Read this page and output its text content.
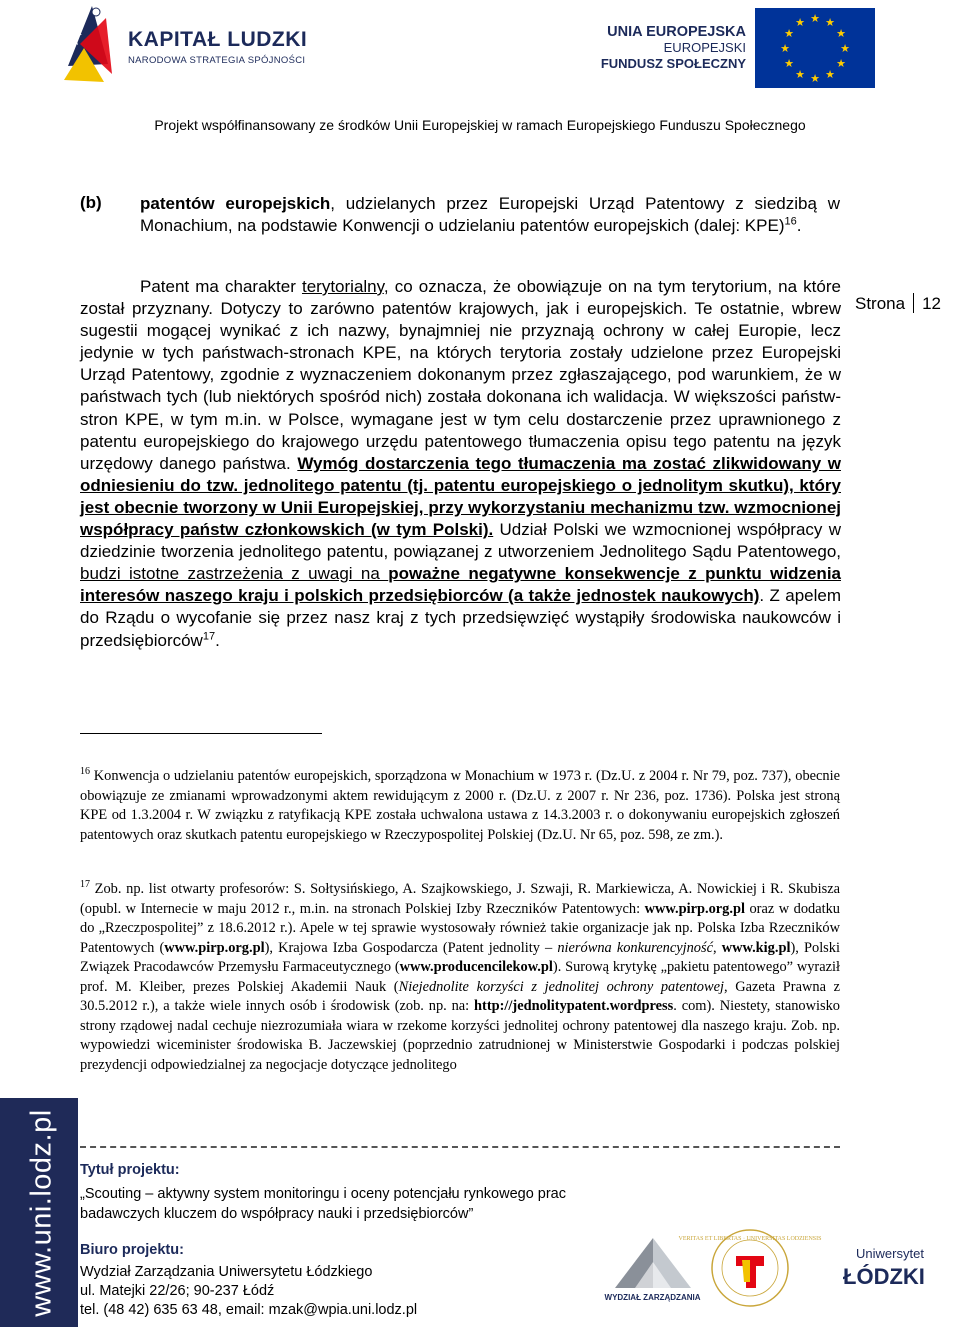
KAPITAŁ LUDZKI
NARODOWA STRATEGIA SPÓJNOŚCI
UNIA EUROPEJSKA
EUROPEJSKI
FUNDUSZ SPOŁECZNY
★ ★
★
★
★
★
★
★
★
★
★
★
Projekt współfinansowany ze środków Unii Europejskiej w ramach Europejskiego Funduszu Społecznego
Strona 12
(b) patentów europejskich, udzielanych przez Europejski Urząd Patentowy z siedzibą w Monachium, na podstawie Konwencji o udzielaniu patentów europejskich (dalej: KPE)$^{16}$.
Patent ma charakter terytorialny, co oznacza, że obowiązuje on na tym terytorium, na które został przyznany. Dotyczy to zarówno patentów krajowych, jak i europejskich. Te ostatnie, wbrew sugestii mogącej wynikać z ich nazwy, bynajmniej nie przyznają ochrony w całej Europie, lecz jedynie w tych państwach-stronach KPE, na których terytoria zostały udzielone przez Europejski Urząd Patentowy, zgodnie z wyznaczeniem dokonanym przez zgłaszającego, pod warunkiem, że w państwach tych (lub niektórych spośród nich) została dokonana ich walidacja. W większości państw-stron KPE, w tym m.in. w Polsce, wymagane jest w tym celu dostarczenie przez uprawnionego z patentu europejskiego do krajowego urzędu patentowego tłumaczenia opisu tego patentu na język urzędowy danego państwa. Wymóg dostarczenia tego tłumaczenia ma zostać zlikwidowany w odniesieniu do tzw. jednolitego patentu (tj. patentu europejskiego o jednolitym skutku), który jest obecnie tworzony w Unii Europejskiej, przy wykorzystaniu mechanizmu tzw. wzmocnionej współpracy państw członkowskich (w tym Polski). Udział Polski we wzmocnionej współpracy w dziedzinie tworzenia jednolitego patentu, powiązanej z utworzeniem Jednolitego Sądu Patentowego, budzi istotne zastrzeżenia z uwagi na poważne negatywne konsekwencje z punktu widzenia interesów naszego kraju i polskich przedsiębiorców (a także jednostek naukowych). Z apelem do Rządu o wycofanie się przez nasz kraj z tych przedsięwzięć wystąpiły środowiska naukowców i przedsiębiorców$^{17}$.
$^{16}$ Konwencja o udzielaniu patentów europejskich, sporządzona w Monachium w 1973 r. (Dz.U. z 2004 r. Nr 79, poz. 737), obecnie obowiązuje ze zmianami wprowadzonymi aktem rewidującym z 2000 r. (Dz.U. z 2007 r. Nr 236, poz. 1736). Polska jest stroną KPE od 1.3.2004 r. W związku z ratyfikacją KPE została uchwalona ustawa z 14.3.2003 r. o dokonywaniu europejskich zgłoszeń patentowych oraz skutkach patentu europejskiego w Rzeczypospolitej Polskiej (Dz.U. Nr 65, poz. 598, ze zm.).
$^{17}$ Zob. np. list otwarty profesorów: S. Sołtysińskiego, A. Szajkowskiego, J. Szwaji, R. Markiewicza, A. Nowickiej i R. Skubisza (opubl. w Internecie w maju 2012 r., m.in. na stronach Polskiej Izby Rzeczników Patentowych: www.pirp.org.pl oraz w dodatku do „Rzeczpospolitej” z 18.6.2012 r.). Apele w tej sprawie wystosowały również takie organizacje jak np. Polska Izba Rzeczników Patentowych (www.pirp.org.pl), Krajowa Izba Gospodarcza (Patent jednolity – nierówna konkurencyjność, www.kig.pl), Polski Związek Pracodawców Przemysłu Farmaceutycznego (www.producencilekow.pl). Surową krytykę „pakietu patentowego” wyraził prof. M. Kleiber, prezes Polskiej Akademii Nauk (Niejednolite korzyści z jednolitej ochrony patentowej, Gazeta Prawna z 30.5.2012 r.), a także wiele innych osób i środowisk (zob. np. na: http://jednolitypatent.wordpress. com). Niestety, stanowisko strony rządowej nadal cechuje niezrozumiała wiara w rzekome korzyści jednolitej ochrony patentowej dla naszego kraju. Zob. np. wypowiedzi wiceminister środowiska B. Jaczewskiej (poprzednio zatrudnionej w Ministerstwie Gospodarki i podczas polskiej prezydencji odpowiedzialnej za negocjacje dotyczące jednolitego
www.uni.lodz.pl Tytuł projektu:
„Scouting – aktywny system monitoringu i oceny potencjału rynkowego prac
badawczych kluczem do współpracy nauki i przedsiębiorców”
Biuro projektu:
Wydział Zarządzania Uniwersytetu Łódzkiego
ul. Matejki 22/26; 90-237 Łódź
tel. (48 42) 635 63 48, email: mzak@wpia.uni.lodz.pl
WYDZIAŁ ZARZĄDZANIA
VERITAS ET LIBERTAS · UNIVERSITAS LODZIENSIS
Uniwersytet
ŁÓDZKI
